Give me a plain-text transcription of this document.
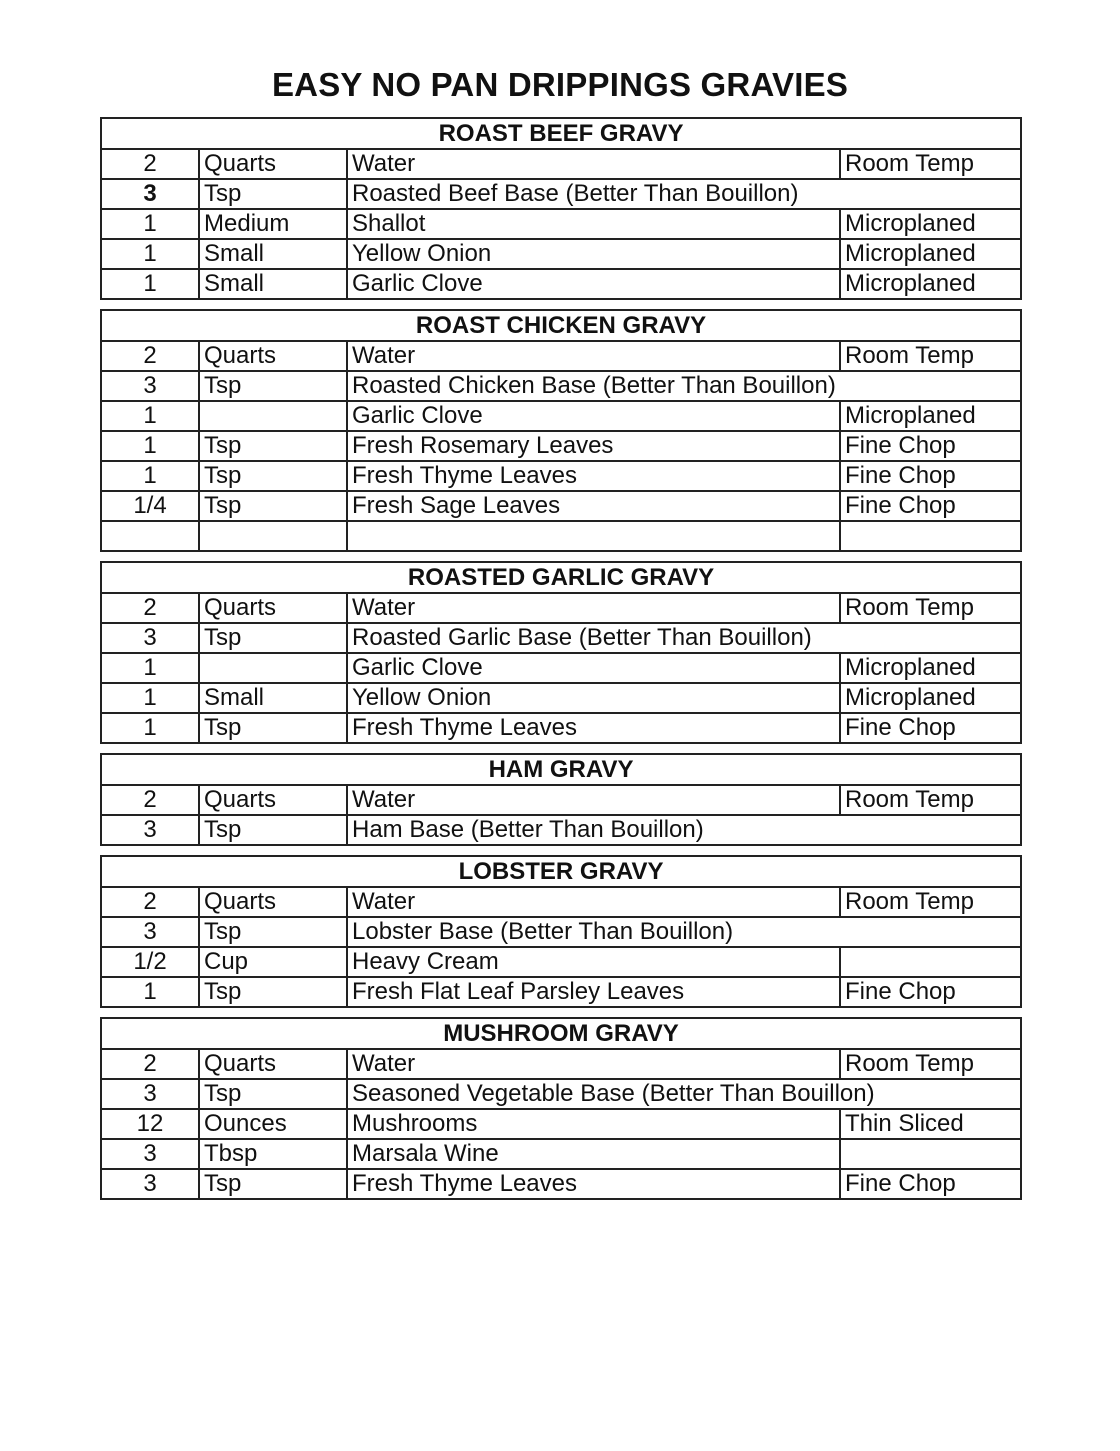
EASY NO PAN DRIPPINGS GRAVIES
ROAST BEEF GRAVY			
2	Quarts	Water	Room Temp
3	Tsp	Roasted Beef Base (Better Than Bouillon)	
1	Medium	Shallot	Microplaned
1	Small	Yellow Onion	Microplaned
1	Small	Garlic Clove	Microplaned
ROAST CHICKEN GRAVY			
2	Quarts	Water	Room Temp
3	Tsp	Roasted Chicken Base (Better Than Bouillon)	
1		Garlic Clove	Microplaned
1	Tsp	Fresh Rosemary Leaves	Fine Chop
1	Tsp	Fresh Thyme Leaves	Fine Chop
1/4	Tsp	Fresh Sage Leaves	Fine Chop

ROASTED GARLIC GRAVY			
2	Quarts	Water	Room Temp
3	Tsp	Roasted Garlic Base (Better Than Bouillon)	
1		Garlic Clove	Microplaned
1	Small	Yellow Onion	Microplaned
1	Tsp	Fresh Thyme Leaves	Fine Chop
HAM GRAVY			
2	Quarts	Water	Room Temp
3	Tsp	Ham Base (Better Than Bouillon)	
LOBSTER GRAVY			
2	Quarts	Water	Room Temp
3	Tsp	Lobster Base (Better Than Bouillon)	
1/2	Cup	Heavy Cream	
1	Tsp	Fresh Flat Leaf Parsley Leaves	Fine Chop
MUSHROOM GRAVY			
2	Quarts	Water	Room Temp
3	Tsp	Seasoned Vegetable Base (Better Than Bouillon)	
12	Ounces	Mushrooms	Thin Sliced
3	Tbsp	Marsala Wine	
3	Tsp	Fresh Thyme Leaves	Fine Chop
